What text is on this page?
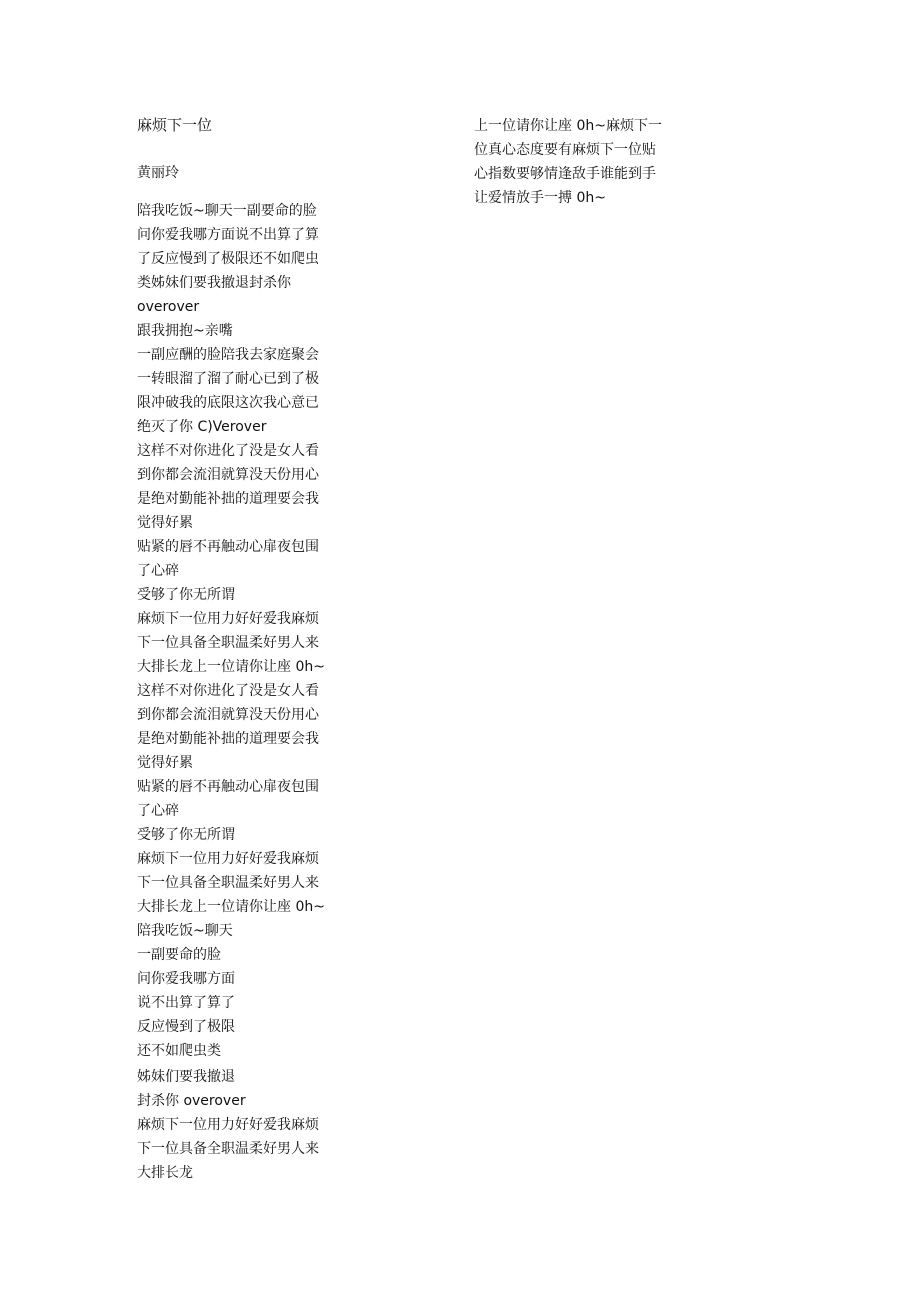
麻烦下一位
黄丽玲
陪我吃饭~聊天一副要命的脸
问你爱我哪方面说不出算了算
了反应慢到了极限还不如爬虫
类姊妹们要我撤退封杀你
overover
跟我拥抱~亲嘴
一副应酬的脸陪我去家庭聚会
一转眼溜了溜了耐心已到了极
限冲破我的底限这次我心意已
绝灭了你 C)Verover
这样不对你进化了没是女人看
到你都会流泪就算没天份用心
是绝对勤能补拙的道理要会我
觉得好累
贴紧的唇不再触动心扉夜包围
了心碎
受够了你无所谓
麻烦下一位用力好好爱我麻烦
下一位具备全职温柔好男人来
大排长龙上一位请你让座 0h~
这样不对你进化了没是女人看
到你都会流泪就算没天份用心
是绝对勤能补拙的道理要会我
觉得好累
贴紧的唇不再触动心扉夜包围
了心碎
受够了你无所谓
麻烦下一位用力好好爱我麻烦
下一位具备全职温柔好男人来
大排长龙上一位请你让座 0h~
陪我吃饭~聊天
一副要命的脸
问你爱我哪方面
说不出算了算了
反应慢到了极限
还不如爬虫类
姊妹们要我撤退
封杀你 overover
麻烦下一位用力好好爱我麻烦
下一位具备全职温柔好男人来
大排长龙
上一位请你让座 0h~麻烦下一
位真心态度要有麻烦下一位贴
心指数要够情逢敌手谁能到手
让爱情放手一搏 0h~
